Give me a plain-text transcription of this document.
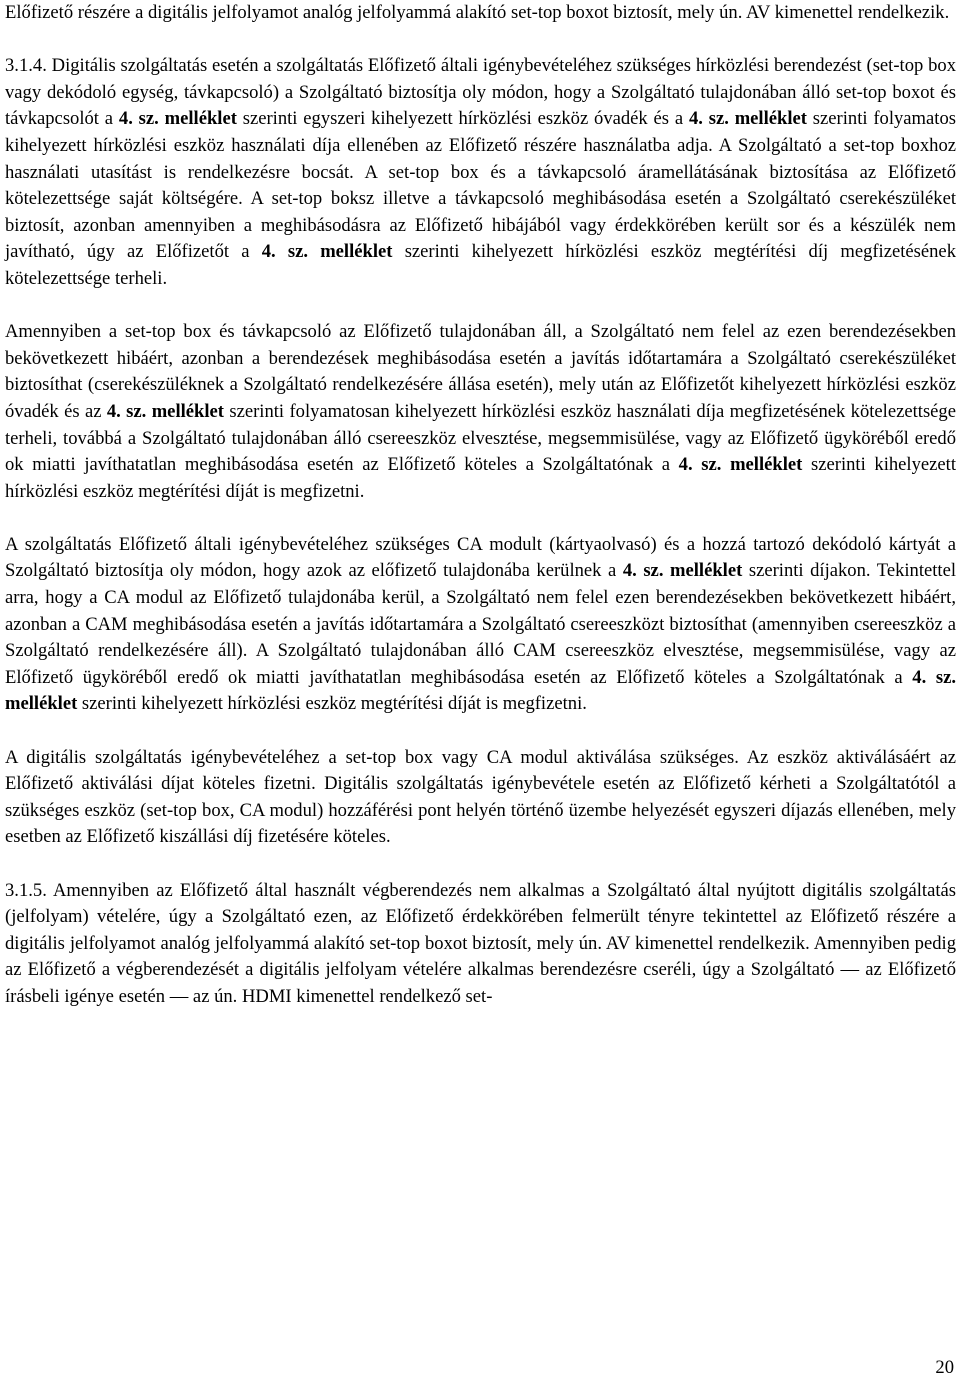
Előfizető részére a digitális jelfolyamot analóg jelfolyammá alakító set-top boxot biztosít, mely ún. AV kimenettel rendelkezik.

3.1.4. Digitális szolgáltatás esetén a szolgáltatás Előfizető általi igénybevételéhez szükséges hírközlési berendezést (set-top box vagy dekódoló egység, távkapcsoló) a Szolgáltató biztosítja oly módon, hogy a Szolgáltató tulajdonában álló set-top boxot és távkapcsolót a 4. sz. melléklet szerinti egyszeri kihelyezett hírközlési eszköz óvadék és a 4. sz. melléklet szerinti folyamatos kihelyezett hírközlési eszköz használati díja ellenében az Előfizető részére használatba adja. A Szolgáltató a set-top boxhoz használati utasítást is rendelkezésre bocsát. A set-top box és a távkapcsoló áramellátásának biztosítása az Előfizető kötelezettsége saját költségére. A set-top boksz illetve a távkapcsoló meghibásodása esetén a Szolgáltató cserekészüléket biztosít, azonban amennyiben a meghibásodásra az Előfizető hibájából vagy érdekkörében került sor és a készülék nem javítható, úgy az Előfizetőt a 4. sz. melléklet szerinti kihelyezett hírközlési eszköz megtérítési díj megfizetésének kötelezettsége terheli.

Amennyiben a set-top box és távkapcsoló az Előfizető tulajdonában áll, a Szolgáltató nem felel az ezen berendezésekben bekövetkezett hibáért, azonban a berendezések meghibásodása esetén a javítás időtartamára a Szolgáltató cserekészüléket biztosíthat (cserekészüléknek a Szolgáltató rendelkezésére állása esetén), mely után az Előfizetőt kihelyezett hírközlési eszköz óvadék és az 4. sz. melléklet szerinti folyamatosan kihelyezett hírközlési eszköz használati díja megfizetésének kötelezettsége terheli, továbbá a Szolgáltató tulajdonában álló csereeszköz elvesztése, megsemmisülése, vagy az Előfizető ügyköréből eredő ok miatti javíthatatlan meghibásodása esetén az Előfizető köteles a Szolgáltatónak a 4. sz. melléklet szerinti kihelyezett hírközlési eszköz megtérítési díját is megfizetni.

A szolgáltatás Előfizető általi igénybevételéhez szükséges CA modult (kártyaolvasó) és a hozzá tartozó dekódoló kártyát a Szolgáltató biztosítja oly módon, hogy azok az előfizető tulajdonába kerülnek a 4. sz. melléklet szerinti díjakon. Tekintettel arra, hogy a CA modul az Előfizető tulajdonába kerül, a Szolgáltató nem felel ezen berendezésekben bekövetkezett hibáért, azonban a CAM meghibásodása esetén a javítás időtartamára a Szolgáltató csereeszközt biztosíthat (amennyiben csereeszköz a Szolgáltató rendelkezésére áll). A Szolgáltató tulajdonában álló CAM csereeszköz elvesztése, megsemmisülése, vagy az Előfizető ügyköréből eredő ok miatti javíthatatlan meghibásodása esetén az Előfizető köteles a Szolgáltatónak a 4. sz. melléklet szerinti kihelyezett hírközlési eszköz megtérítési díját is megfizetni.

A digitális szolgáltatás igénybevételéhez a set-top box vagy CA modul aktiválása szükséges. Az eszköz aktiválásáért az Előfizető aktiválási díjat köteles fizetni. Digitális szolgáltatás igénybevétele esetén az Előfizető kérheti a Szolgáltatótól a szükséges eszköz (set-top box, CA modul) hozzáférési pont helyén történő üzembe helyezését egyszeri díjazás ellenében, mely esetben az Előfizető kiszállási díj fizetésére köteles.

3.1.5. Amennyiben az Előfizető által használt végberendezés nem alkalmas a Szolgáltató által nyújtott digitális szolgáltatás (jelfolyam) vételére, úgy a Szolgáltató ezen, az Előfizető érdekkörében felmerült tényre tekintettel az Előfizető részére a digitális jelfolyamot analóg jelfolyammá alakító set-top boxot biztosít, mely ún. AV kimenettel rendelkezik. Amennyiben pedig az Előfizető a végberendezését a digitális jelfolyam vételére alkalmas berendezésre cseréli, úgy a Szolgáltató ― az Előfizető írásbeli igénye esetén ― az ún. HDMI kimenettel rendelkező set-

20
